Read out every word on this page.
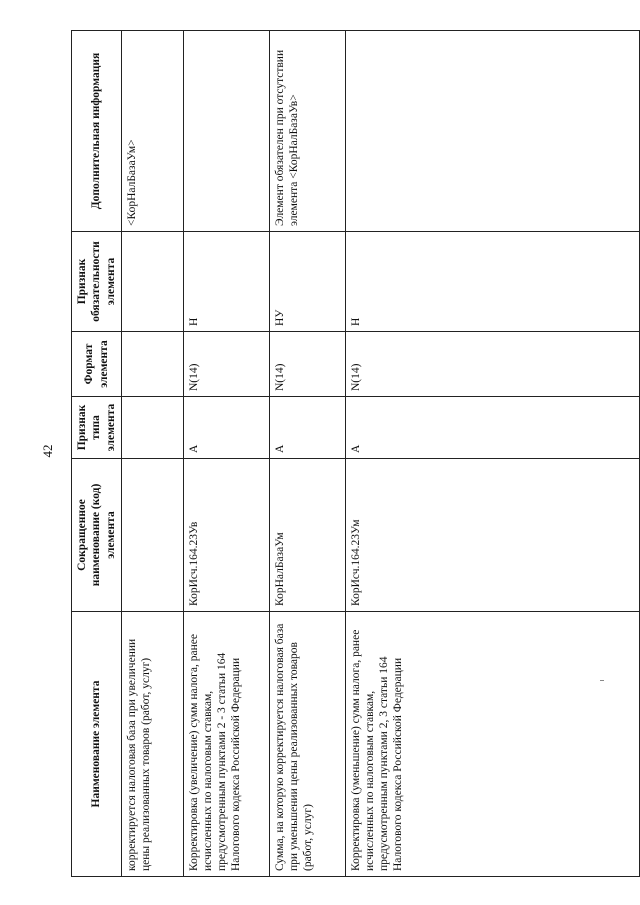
42
Наименование элемента	Сокращенное наименование (код) элемента	Признак типа элемента	Формат элемента	Признак обязательности элемента	Дополнительная информация
корректируется налоговая база при увеличении цены реализованных товаров (работ, услуг)					<КорНалБазаУм>
Корректировка (увеличение) сумм налога, ранее исчисленных по налоговым ставкам, предусмотренным пунктами 2 - 3 статьи 164 Налогового кодекса Российской Федерации	КорИсч.164.23Ув	А	N(14)	Н	
Сумма, на которую корректируется налоговая база при уменьшении цены реализованных товаров (работ, услуг)	КорНалБазаУм	А	N(14)	НУ	Элемент обязателен при отсутствии элемента <КорНалБазаУв>
Корректировка (уменьшение) сумм налога, ранее исчисленных по налоговым ставкам, предусмотренным пунктами 2, 3 статьи 164 Налогового кодекса Российской Федерации	КорИсч.164.23Ум	А	N(14)	Н	
